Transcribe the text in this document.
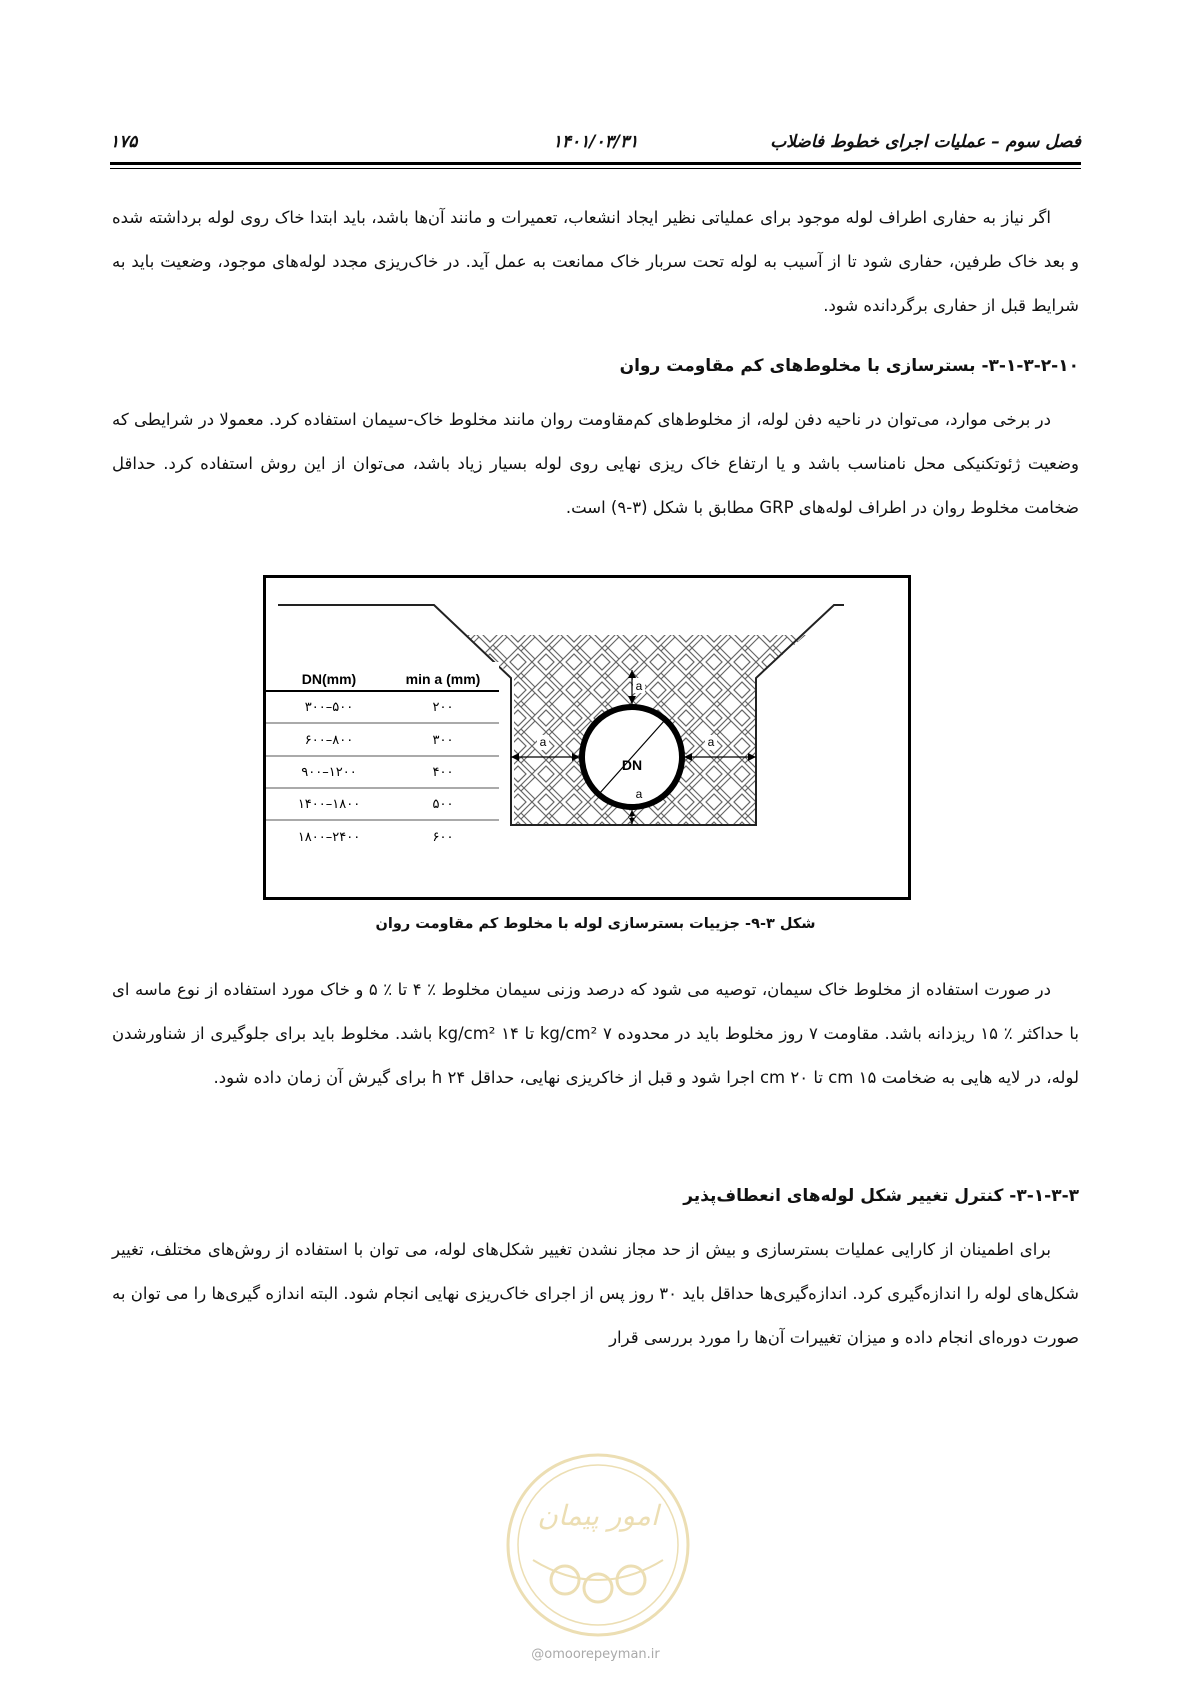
فصل سوم – عملیات اجرای خطوط فاضلاب
۱۴۰۱/۰۳/۳۱
۱۷۵
اگر نیاز به حفاری اطراف لوله موجود برای عملیاتی نظیر ایجاد انشعاب، تعمیرات و مانند آن‌ها باشد، باید ابتدا خاک روی لوله برداشته شده و بعد خاک طرفین، حفاری شود تا از آسیب به لوله تحت سربار خاک ممانعت به عمل آید. در خاک‌ریزی مجدد لوله‌های موجود، وضعیت باید به شرایط قبل از حفاری برگردانده شود.
۳-۱-۳-۲-۱۰- بسترسازی با مخلوط‌های کم مقاومت روان
در برخی موارد، می‌توان در ناحیه دفن لوله، از مخلوط‌های کم‌مقاومت روان مانند مخلوط خاک-سیمان استفاده کرد. معمولا در شرایطی که وضعیت ژئوتکنیکی محل نامناسب باشد و یا ارتفاع خاک ریزی نهایی روی لوله بسیار زیاد باشد، می‌توان از این روش استفاده کرد. حداقل ضخامت مخلوط روان در اطراف لوله‌های GRP مطابق با شکل (۳-۹) است.
DN
a
a
a	a
DN(mm)	min a (mm)
۳۰۰–۵۰۰	۲۰۰
۶۰۰–۸۰۰	۳۰۰
۹۰۰–۱۲۰۰	۴۰۰
۱۴۰۰–۱۸۰۰	۵۰۰
۱۸۰۰–۲۴۰۰	۶۰۰
شکل ۳-۹- جزییات بسترسازی لوله با مخلوط کم مقاومت روان
در صورت استفاده از مخلوط خاک سیمان، توصیه می شود که درصد وزنی سیمان مخلوط ٪ ۴ تا ٪ ۵ و خاک مورد استفاده از نوع ماسه ای با حداکثر ٪ ۱۵ ریزدانه باشد. مقاومت ۷ روز مخلوط باید در محدوده ۷ kg/cm² تا ۱۴ kg/cm² باشد. مخلوط باید برای جلوگیری از شناورشدن لوله، در لایه هایی به ضخامت ۱۵ cm تا ۲۰ cm اجرا شود و قبل از خاکریزی نهایی، حداقل ۲۴ h برای گیرش آن زمان داده شود.
۳-۱-۳-۳- کنترل تغییر شکل لوله‌های انعطاف‌پذیر
برای اطمینان از کارایی عملیات بسترسازی و بیش از حد مجاز نشدن تغییر شکل‌های لوله، می توان با استفاده از روش‌های مختلف، تغییر شکل‌های لوله را اندازه‌گیری کرد. اندازه‌گیری‌ها حداقل باید ۳۰ روز پس از اجرای خاک‌ریزی نهایی انجام شود. البته اندازه گیری‌ها را می توان به صورت دوره‌ای انجام داده و میزان تغییرات آن‌ها را مورد بررسی قرار
امور پیمان
@omoorepeyman.ir
